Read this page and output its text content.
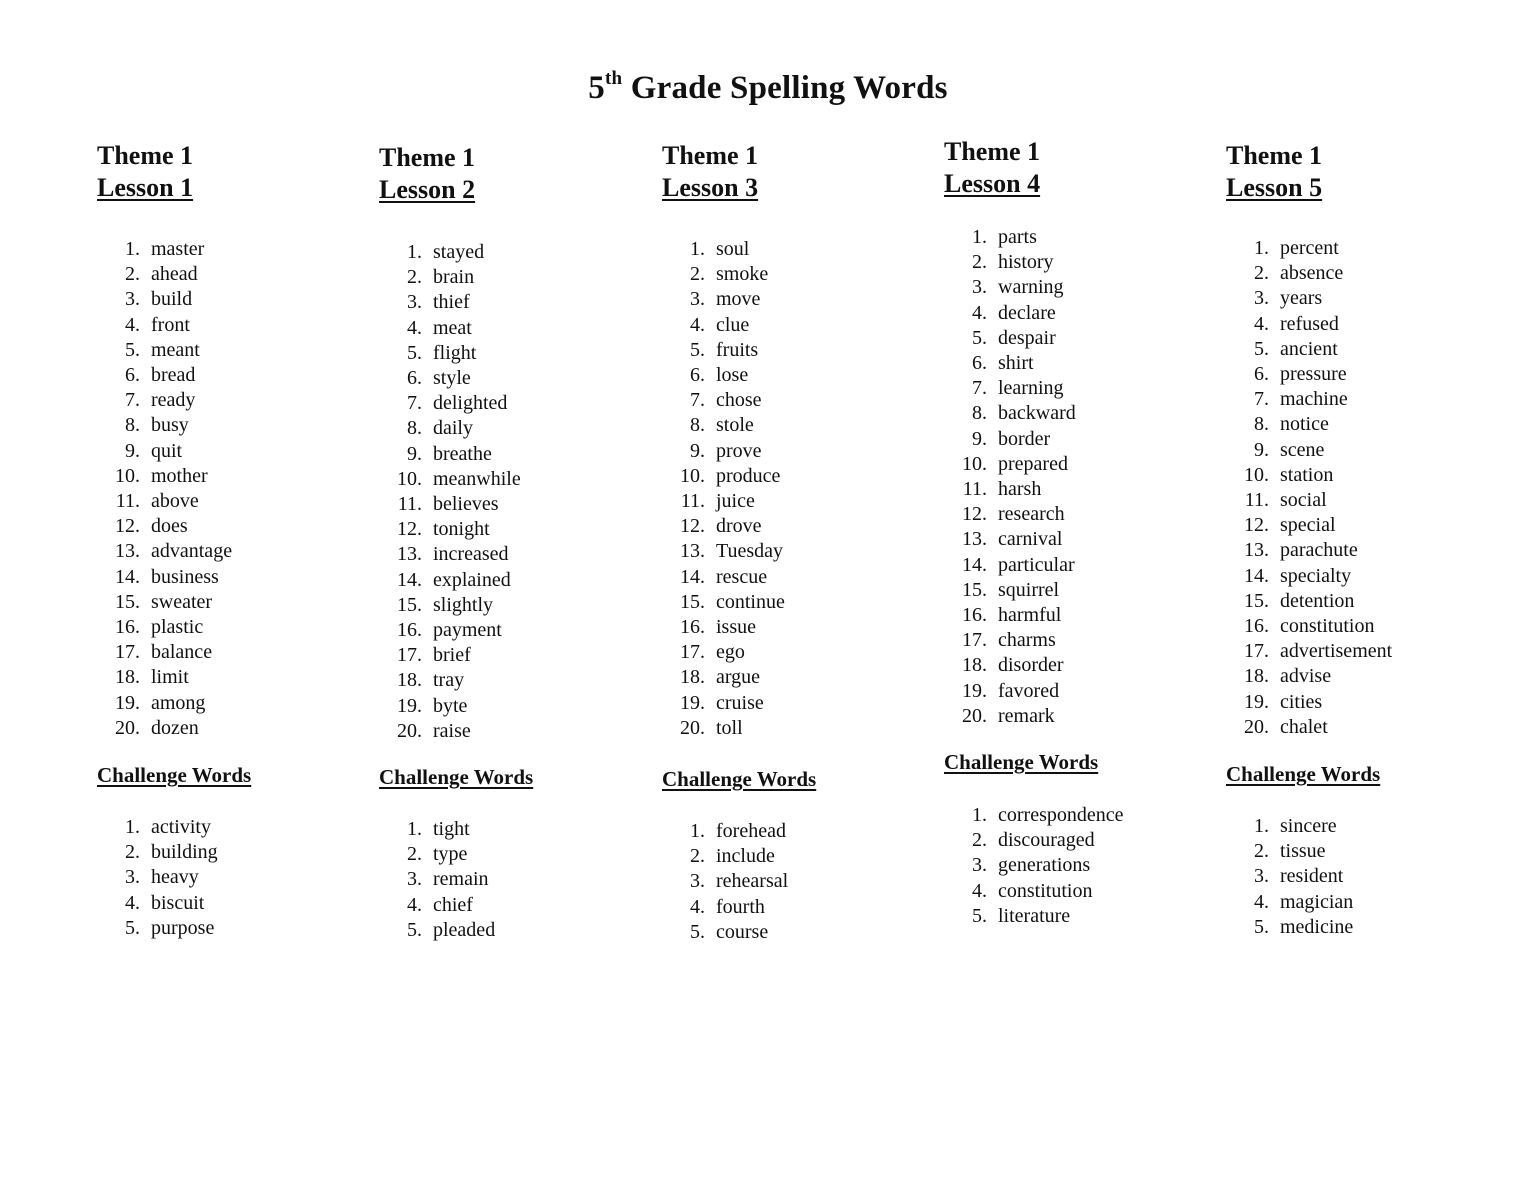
5th Grade Spelling Words
Theme 1
Lesson 1
1. master
2. ahead
3. build
4. front
5. meant
6. bread
7. ready
8. busy
9. quit
10. mother
11. above
12. does
13. advantage
14. business
15. sweater
16. plastic
17. balance
18. limit
19. among
20. dozen
Challenge Words
1. activity
2. building
3. heavy
4. biscuit
5. purpose
Theme 1
Lesson 2
1. stayed
2. brain
3. thief
4. meat
5. flight
6. style
7. delighted
8. daily
9. breathe
10. meanwhile
11. believes
12. tonight
13. increased
14. explained
15. slightly
16. payment
17. brief
18. tray
19. byte
20. raise
Challenge Words
1. tight
2. type
3. remain
4. chief
5. pleaded
Theme 1
Lesson 3
1. soul
2. smoke
3. move
4. clue
5. fruits
6. lose
7. chose
8. stole
9. prove
10. produce
11. juice
12. drove
13. Tuesday
14. rescue
15. continue
16. issue
17. ego
18. argue
19. cruise
20. toll
Challenge Words
1. forehead
2. include
3. rehearsal
4. fourth
5. course
Theme 1
Lesson 4
1. parts
2. history
3. warning
4. declare
5. despair
6. shirt
7. learning
8. backward
9. border
10. prepared
11. harsh
12. research
13. carnival
14. particular
15. squirrel
16. harmful
17. charms
18. disorder
19. favored
20. remark
Challenge Words
1. correspondence
2. discouraged
3. generations
4. constitution
5. literature
Theme 1
Lesson 5
1. percent
2. absence
3. years
4. refused
5. ancient
6. pressure
7. machine
8. notice
9. scene
10. station
11. social
12. special
13. parachute
14. specialty
15. detention
16. constitution
17. advertisement
18. advise
19. cities
20. chalet
Challenge Words
1. sincere
2. tissue
3. resident
4. magician
5. medicine
